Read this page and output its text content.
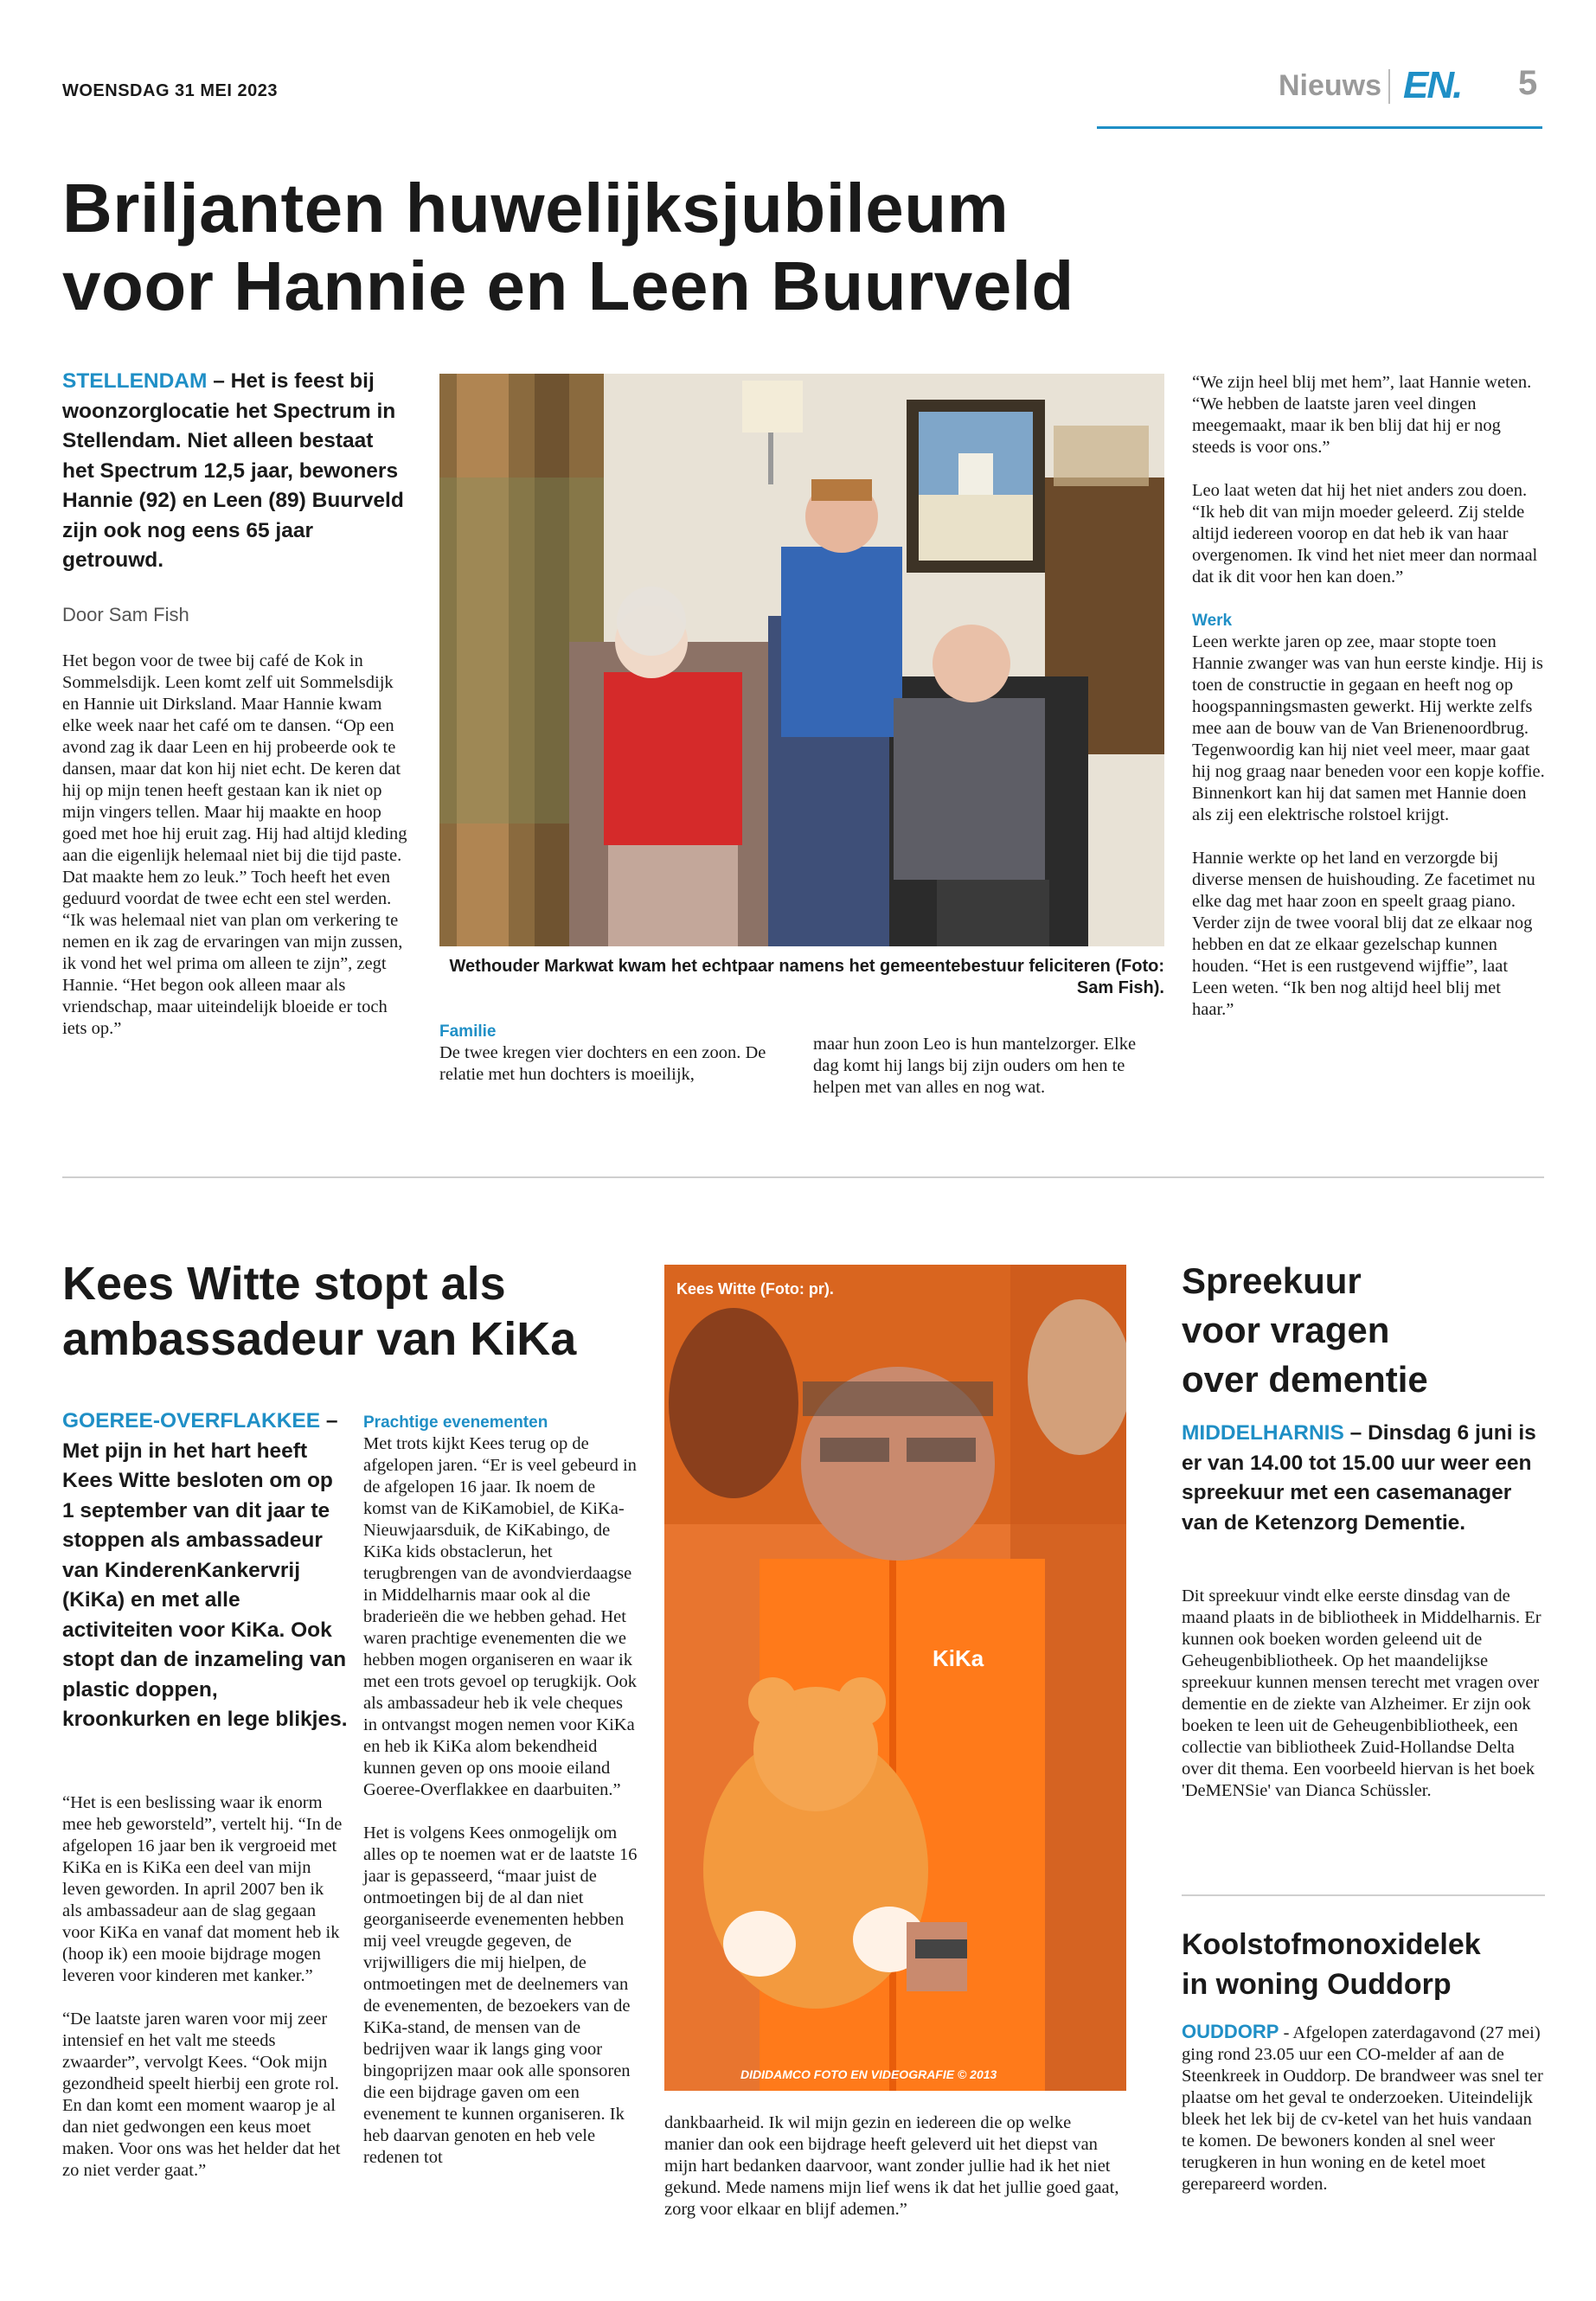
WOENSDAG 31 MEI 2023	Nieuws EN. 5
Briljanten huwelijksjubileum
voor Hannie en Leen Buurveld
STELLENDAM – Het is feest bij woonzorglocatie het Spectrum in Stellendam. Niet alleen bestaat het Spectrum 12,5 jaar, bewoners Hannie (92) en Leen (89) Buurveld zijn ook nog eens 65 jaar getrouwd.
Door Sam Fish
Het begon voor de twee bij café de Kok in Sommelsdijk. Leen komt zelf uit Sommelsdijk en Hannie uit Dirksland. Maar Hannie kwam elke week naar het café om te dansen. “Op een avond zag ik daar Leen en hij probeerde ook te dansen, maar dat kon hij niet echt. De keren dat hij op mijn tenen heeft gestaan kan ik niet op mijn vingers tellen. Maar hij maakte en hoop goed met hoe hij eruit zag. Hij had altijd kleding aan die eigenlijk helemaal niet bij die tijd paste. Dat maakte hem zo leuk.” Toch heeft het even geduurd voordat de twee echt een stel werden. “Ik was helemaal niet van plan om verkering te nemen en ik zag de ervaringen van mijn zussen, ik vond het wel prima om alleen te zijn”, zegt Hannie. “Het begon ook alleen maar als vriendschap, maar uiteindelijk bloeide er toch iets op.”
Wethouder Markwat kwam het echtpaar namens het gemeentebestuur feliciteren (Foto: Sam Fish).
Familie
De twee kregen vier dochters en een zoon. De relatie met hun dochters is moeilijk,
maar hun zoon Leo is hun mantelzorger. Elke dag komt hij langs bij zijn ouders om hen te helpen met van alles en nog wat.

“We zijn heel blij met hem”, laat Hannie weten. “We hebben de laatste jaren veel dingen meegemaakt, maar ik ben blij dat hij er nog steeds is voor ons.”

Leo laat weten dat hij het niet anders zou doen. “Ik heb dit van mijn moeder geleerd. Zij stelde altijd iedereen voorop en dat heb ik van haar overgenomen. Ik vind het niet meer dan normaal dat ik dit voor hen kan doen.”

Werk

Leen werkte jaren op zee, maar stopte toen Hannie zwanger was van hun eerste kindje. Hij is toen de constructie in gegaan en heeft nog op hoogspanningsmasten gewerkt. Hij werkte zelfs mee aan de bouw van de Van Brienenoordbrug. Tegenwoordig kan hij niet veel meer, maar gaat hij nog graag naar beneden voor een kopje koffie. Binnenkort kan hij dat samen met Hannie doen als zij een elektrische rolstoel krijgt.

Hannie werkte op het land en verzorgde bij diverse mensen de huishouding. Ze facetimet nu elke dag met haar zoon en speelt graag piano. Verder zijn de twee vooral blij dat ze elkaar nog hebben en dat ze elkaar gezelschap kunnen houden. “Het is een rustgevend wijffie”, laat Leen weten. “Ik ben nog altijd heel blij met haar.”

Kees Witte stopt als
ambassadeur van KiKa
GOEREE-OVERFLAKKEE – Met pijn in het hart heeft Kees Witte besloten om op 1 september van dit jaar te stoppen als ambassadeur van KinderenKankervrij (KiKa) en met alle activiteiten voor KiKa. Ook stopt dan de inzameling van plastic doppen, kroonkurken en lege blikjes.

“Het is een beslissing waar ik enorm mee heb geworsteld”, vertelt hij. “In de afgelopen 16 jaar ben ik vergroeid met KiKa en is KiKa een deel van mijn leven geworden. In april 2007 ben ik als ambassadeur aan de slag gegaan voor KiKa en vanaf dat moment heb ik (hoop ik) een mooie bijdrage mogen leveren voor kinderen met kanker.”

“De laatste jaren waren voor mij zeer intensief en het valt me steeds zwaarder”, vervolgt Kees. “Ook mijn gezondheid speelt hierbij een grote rol. En dan komt een moment waarop je al dan niet gedwongen een keus moet maken. Voor ons was het helder dat het zo niet verder gaat.”

Prachtige evenementen

Met trots kijkt Kees terug op de afgelopen jaren. “Er is veel gebeurd in de afgelopen 16 jaar. Ik noem de komst van de KiKamobiel, de KiKa-Nieuwjaarsduik, de KiKabingo, de KiKa kids obstaclerun, het terugbrengen van de avondvierdaagse in Middelharnis maar ook al die braderieën die we hebben gehad. Het waren prachtige evenementen die we hebben mogen organiseren en waar ik met een trots gevoel op terugkijk. Ook als ambassadeur heb ik vele cheques in ontvangst mogen nemen voor KiKa en heb ik KiKa alom bekendheid kunnen geven op ons mooie eiland Goeree-Overflakkee en daarbuiten.”

Het is volgens Kees onmogelijk om alles op te noemen wat er de laatste 16 jaar is gepasseerd, “maar juist de ontmoetingen bij de al dan niet georganiseerde evenementen hebben mij veel vreugde gegeven, de vrijwilligers die mij hielpen, de ontmoetingen met de deelnemers van de evenementen, de bezoekers van de KiKa-stand, de mensen van de bedrijven waar ik langs ging voor bingoprijzen maar ook alle sponsoren die een bijdrage gaven om een evenement te kunnen organiseren. Ik heb daarvan genoten en heb vele redenen tot

Kees Witte (Foto: pr).
KiKa
DIDIDAMCO FOTO EN VIDEOGRAFIE © 2013
dankbaarheid. Ik wil mijn gezin en iedereen die op welke manier dan ook een bijdrage heeft geleverd uit het diepst van mijn hart bedanken daarvoor, want zonder jullie had ik het niet gekund. Mede namens mijn lief wens ik dat het jullie goed gaat, zorg voor elkaar en blijf ademen.”
Spreekuur
voor vragen
over dementie
MIDDELHARNIS – Dinsdag 6 juni is er van 14.00 tot 15.00 uur weer een spreekuur met een casemanager van de Ketenzorg Dementie.
Dit spreekuur vindt elke eerste dinsdag van de maand plaats in de bibliotheek in Middelharnis. Er kunnen ook boeken worden geleend uit de Geheugenbibliotheek. Op het maandelijkse spreekuur kunnen mensen terecht met vragen over dementie en de ziekte van Alzheimer. Er zijn ook boeken te leen uit de Geheugenbibliotheek, een collectie van bibliotheek Zuid-Hollandse Delta over dit thema. Een voorbeeld hiervan is het boek 'DeMENSie' van Dianca Schüssler.
Koolstofmonoxidelek
in woning Ouddorp
OUDDORP - Afgelopen zaterdagavond (27 mei) ging rond 23.05 uur een CO-melder af aan de Steenkreek in Ouddorp. De brandweer was snel ter plaatse om het geval te onderzoeken. Uiteindelijk bleek het lek bij de cv-ketel van het huis vandaan te komen. De bewoners konden al snel weer terugkeren in hun woning en de ketel moet gerepareerd worden.
